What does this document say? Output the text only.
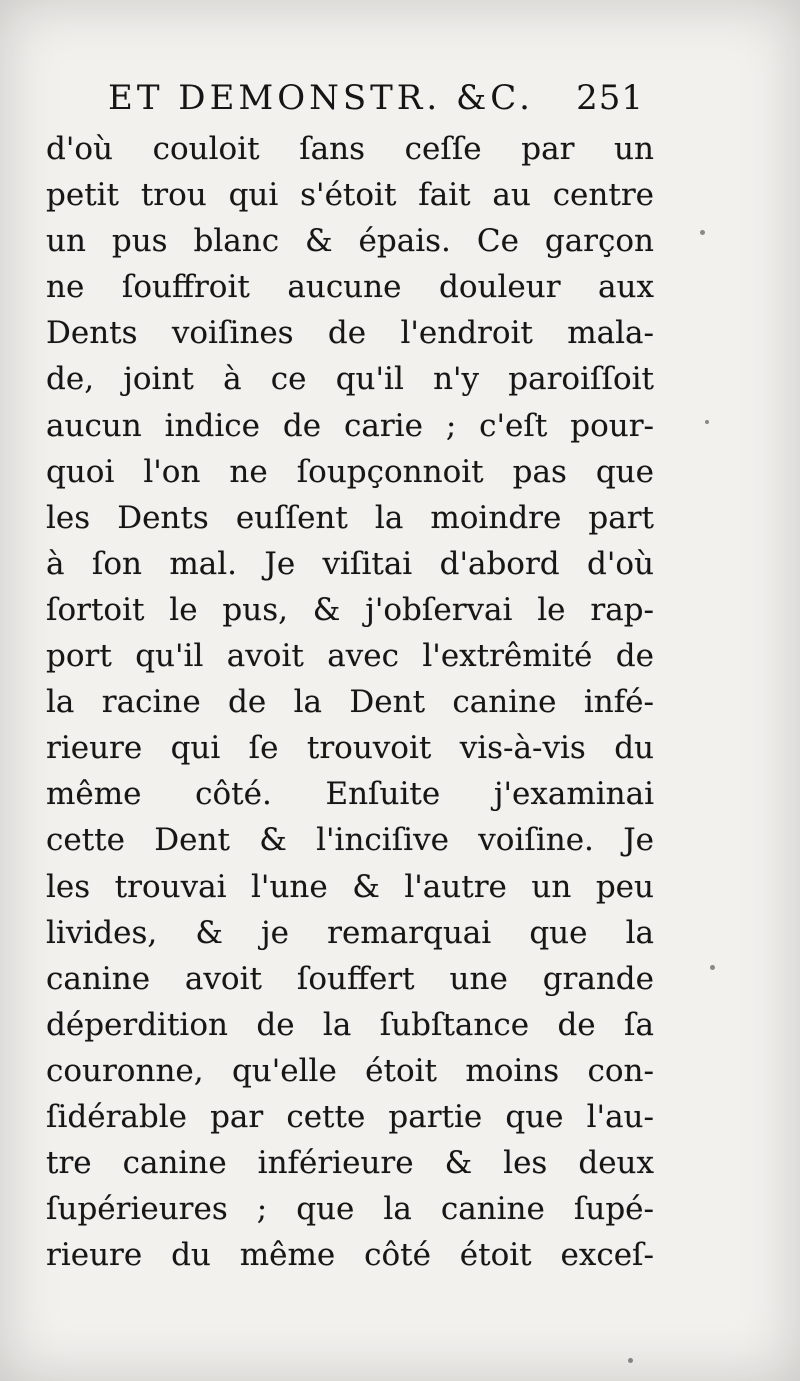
ET DEMONSTR. &C. 251
d'où couloit ſans ceſſe par un
petit trou qui s'étoit fait au centre
un pus blanc & épais. Ce garçon
ne ſouffroit aucune douleur aux
Dents voiſines de l'endroit mala-
de, joint à ce qu'il n'y paroiſſoit
aucun indice de carie ; c'eſt pour-
quoi l'on ne ſoupçonnoit pas que
les Dents euſſent la moindre part
à ſon mal. Je viſitai d'abord d'où
ſortoit le pus, & j'obſervai le rap-
port qu'il avoit avec l'extrêmité de
la racine de la Dent canine infé-
rieure qui ſe trouvoit vis-à-vis du
même côté. Enſuite j'examinai
cette Dent & l'inciſive voiſine. Je
les trouvai l'une & l'autre un peu
livides, & je remarquai que la
canine avoit ſouffert une grande
déperdition de la ſubſtance de ſa
couronne, qu'elle étoit moins con-
ſidérable par cette partie que l'au-
tre canine inférieure & les deux
ſupérieures ; que la canine ſupé-
rieure du même côté étoit exceſ-
